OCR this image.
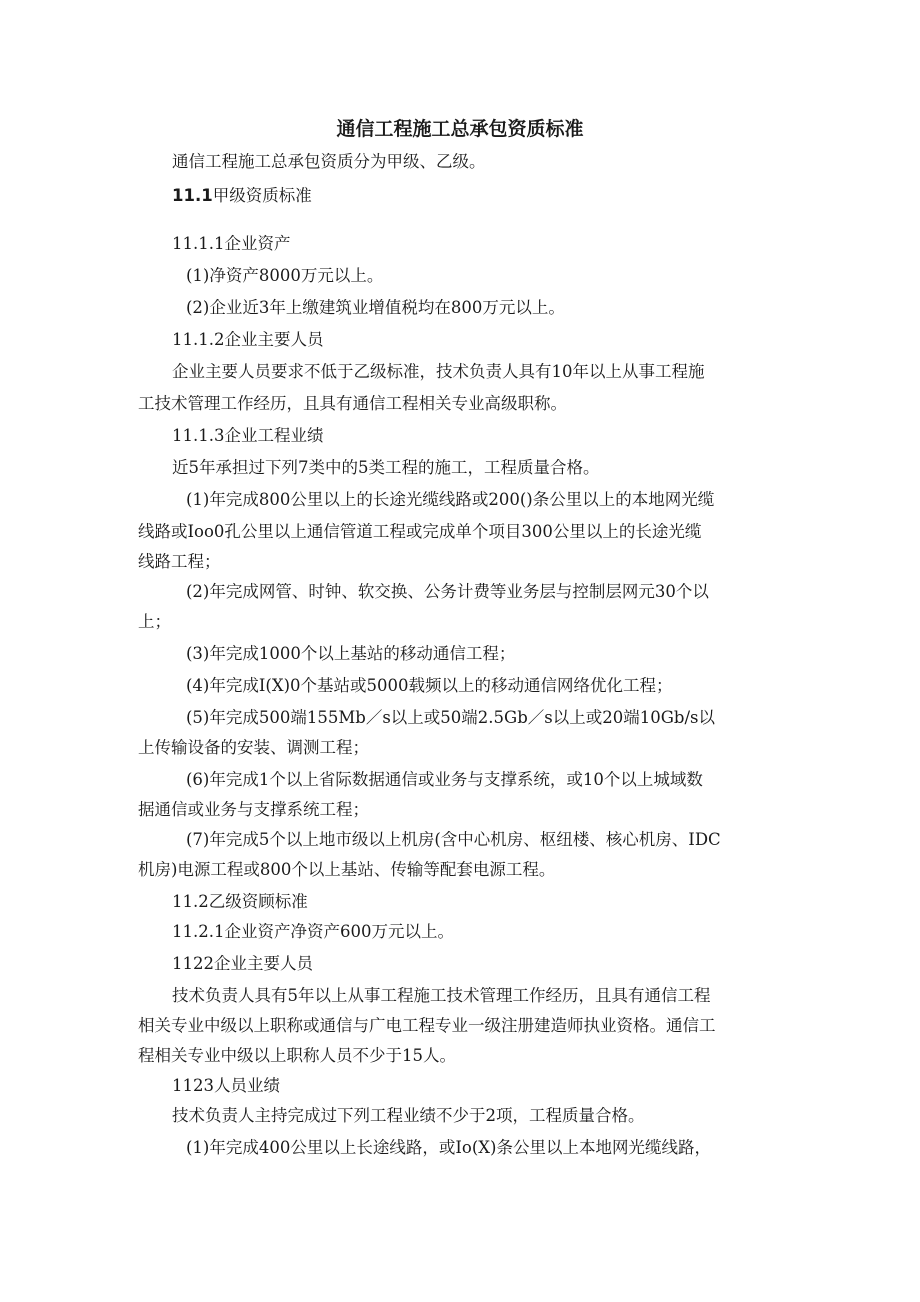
通信工程施工总承包资质标准
通信工程施工总承包资质分为甲级、乙级。
11.1甲级资质标准
11.1.1企业资产
(1)净资产8000万元以上。
(2)企业近3年上缴建筑业增值税均在800万元以上。
11.1.2企业主要人员
企业主要人员要求不低于乙级标准，技术负责人具有10年以上从事工程施
工技术管理工作经历，且具有通信工程相关专业高级职称。
11.1.3企业工程业绩
近5年承担过下列7类中的5类工程的施工，工程质量合格。
(1)年完成800公里以上的长途光缆线路或200()条公里以上的本地网光缆
线路或Ioo0孔公里以上通信管道工程或完成单个项目300公里以上的长途光缆
线路工程；
(2)年完成网管、时钟、软交换、公务计费等业务层与控制层网元30个以
上；
(3)年完成1000个以上基站的移动通信工程；
(4)年完成I(X)0个基站或5000载频以上的移动通信网络优化工程；
(5)年完成500端155Mb／s以上或50端2.5Gb／s以上或20端10Gb/s以
上传输设备的安装、调测工程；
(6)年完成1个以上省际数据通信或业务与支撑系统，或10个以上城域数
据通信或业务与支撑系统工程；
(7)年完成5个以上地市级以上机房(含中心机房、枢纽楼、核心机房、IDC
机房)电源工程或800个以上基站、传输等配套电源工程。
11.2乙级资顾标准
11.2.1企业资产净资产600万元以上。
1122企业主要人员
技术负责人具有5年以上从事工程施工技术管理工作经历，且具有通信工程
相关专业中级以上职称或通信与广电工程专业一级注册建造师执业资格。通信工
程相关专业中级以上职称人员不少于15人。
1123人员业绩
技术负责人主持完成过下列工程业绩不少于2项，工程质量合格。
(1)年完成400公里以上长途线路，或Io(X)条公里以上本地网光缆线路，
